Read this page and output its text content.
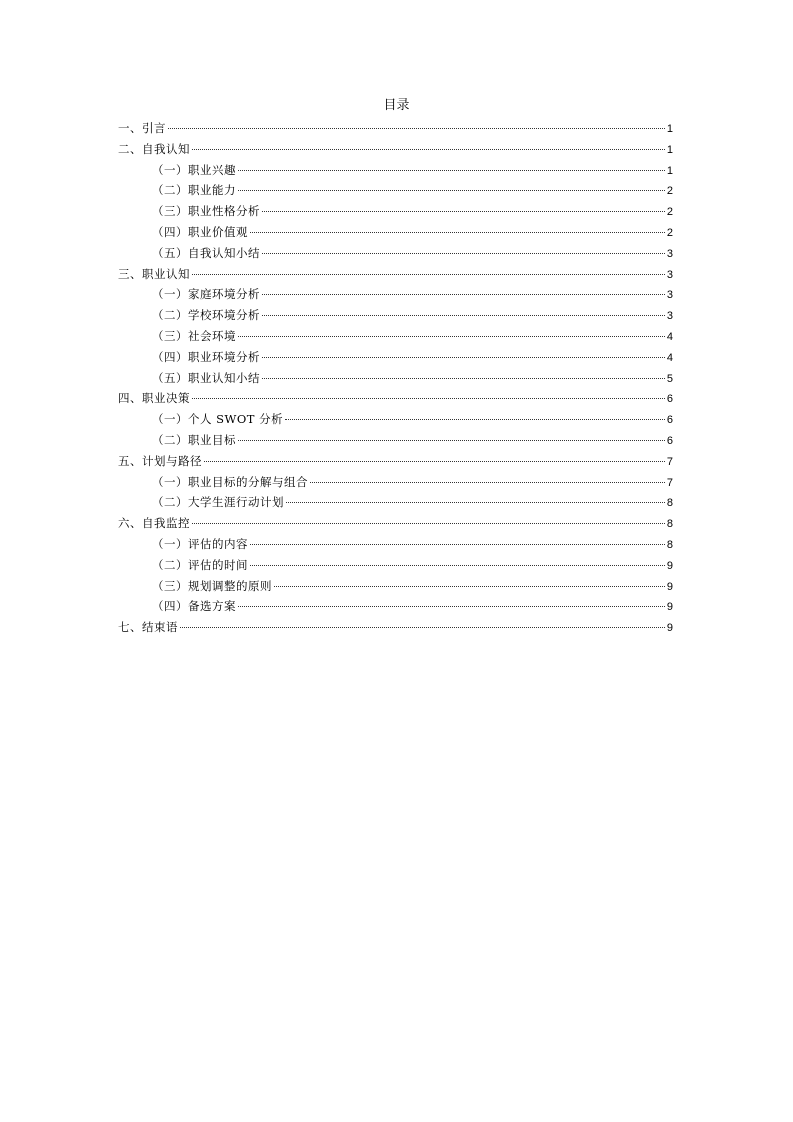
目录
一、引言	1
二、自我认知	1
（一）职业兴趣	1
（二）职业能力	2
（三）职业性格分析	2
（四）职业价值观	2
（五）自我认知小结	3
三、职业认知	3
（一）家庭环境分析	3
（二）学校环境分析	3
（三）社会环境	4
（四）职业环境分析	4
（五）职业认知小结	5
四、职业决策	6
（一）个人 SWOT 分析	6
（二）职业目标	6
五、计划与路径	7
（一）职业目标的分解与组合	7
（二）大学生涯行动计划	8
六、自我监控	8
（一）评估的内容	8
（二）评估的时间	9
（三）规划调整的原则	9
（四）备选方案	9
七、结束语	9
